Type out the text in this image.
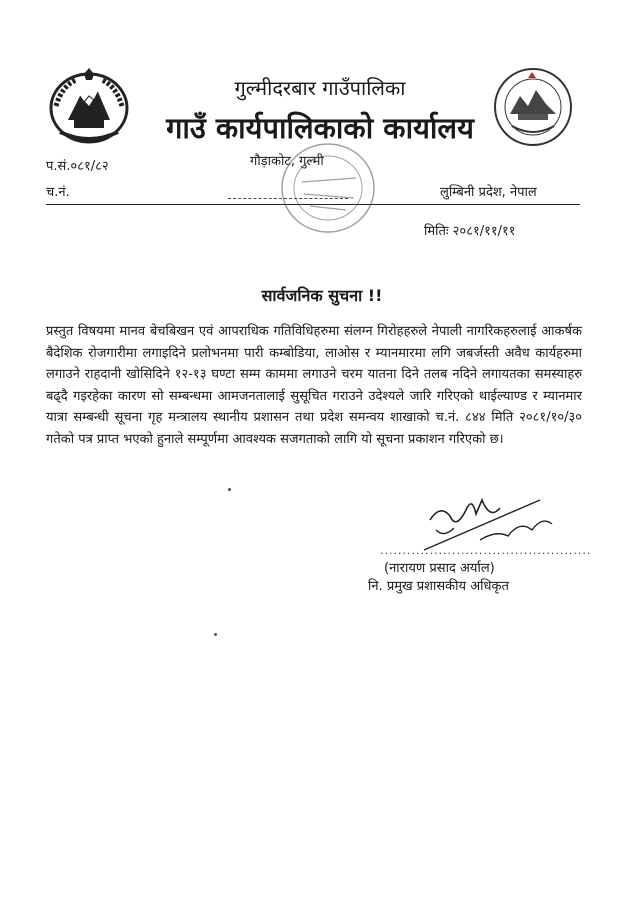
गुल्मीदरबार गाउँपालिका
गाउँ कार्यपालिकाको कार्यालय
प.सं.०८१/८२	गौड़ाकोट, गुल्मी
च.नं.	लुम्बिनी प्रदेश, नेपाल
मितिः २०८१/११/११
सार्वजनिक सुचना !!
प्रस्तुत विषयमा मानव बेचबिखन एवं आपराधिक गतिविधिहरुमा संलग्न गिरोहहरुले नेपाली नागरिकहरुलाई आकर्षक बैदेशिक रोजगारीमा लगाइदिने प्रलोभनमा पारी कम्बोडिया, लाओस र म्यानमारमा लगि जबर्जस्ती अवैध कार्यहरुमा लगाउने राहदानी खोसिदिने १२-१३ घण्टा सम्म काममा लगाउने चरम यातना दिने तलब नदिने लगायतका समस्याहरु बढ्दै गइरहेका कारण सो सम्बन्धमा आमजनतालाई सुसूचित गराउने उदेश्यले जारि गरिएको थाईल्याण्ड र म्यानमार यात्रा सम्बन्धी सूचना गृह मन्त्रालय स्थानीय प्रशासन तथा प्रदेश समन्वय शाखाको च.नं. ८४४ मिति २०८१/१०/३० गतेको पत्र प्राप्त भएको हुनाले सम्पूर्णमा आवश्यक सजगताको लागि यो सूचना प्रकाशन गरिएको छ।
...............................................
(नारायण प्रसाद अर्याल)
नि. प्रमुख प्रशासकीय अधिकृत
